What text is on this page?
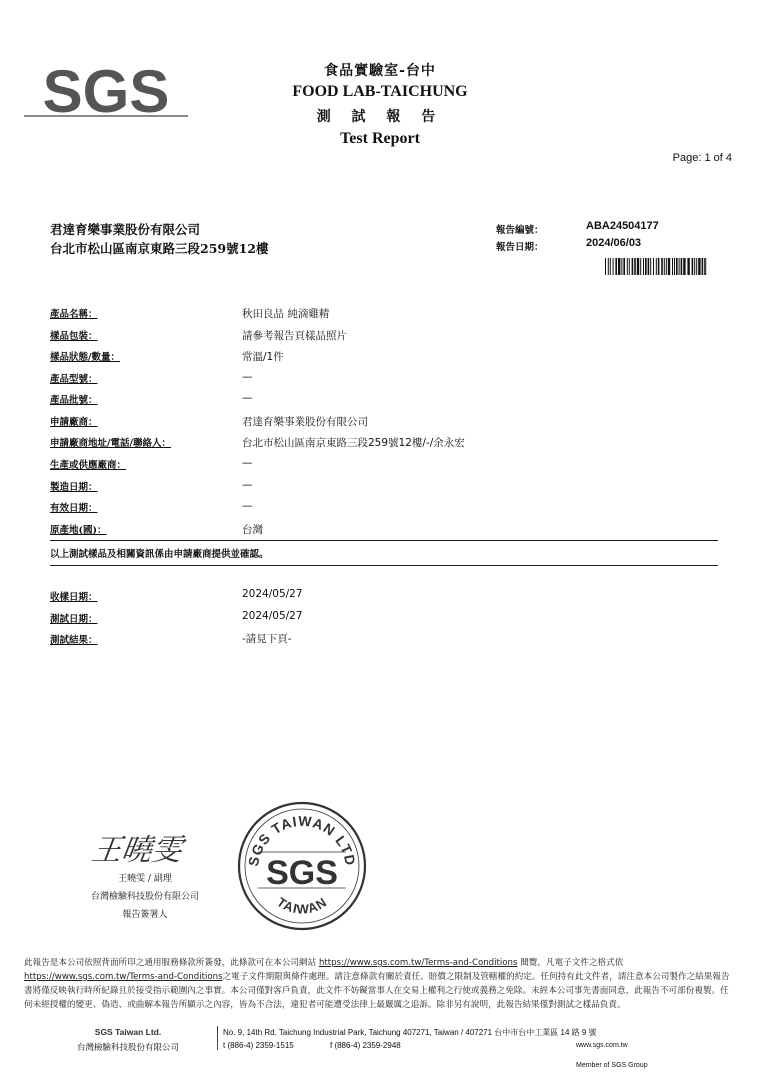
SGS	食品實驗室-台中
FOOD LAB-TAICHUNG
測 試 報 告
Test Report
Page: 1 of 4
君達育樂事業股份有限公司
台北市松山區南京東路三段259號12樓
報告編號：	ABA24504177
報告日期：	2024/06/03
產品名稱：	秋田良品 純滴雞精
樣品包裝：	請參考報告頁樣品照片
樣品狀態/數量：	常溫/1件
產品型號：	—
產品批號：	—
申請廠商：	君達育樂事業股份有限公司
申請廠商地址/電話/聯絡人：	台北市松山區南京東路三段259號12樓/-/余永宏
生產或供應廠商：	—
製造日期：	—
有效日期：	—
原產地(國)：	台灣
以上測試樣品及相關資訊係由申請廠商提供並確認。
收樣日期：	2024/05/27
測試日期：	2024/05/27
測試結果：	-請見下頁-
王曉雯
王曉雯 / 副理
台灣檢驗科技股份有限公司
報告簽署人
SGS TAIWAN LTD
SGS
TAIWAN
此報告是本公司依照背面所印之通用服務條款所簽發，此條款可在本公司網站 https://www.sgs.com.tw/Terms-and-Conditions 閱覽，凡電子文件之格式依 https://www.sgs.com.tw/Terms-and-Conditions之電子文件期限與條件處理。請注意條款有關於責任、賠償之限制及管轄權的約定。任何持有此文件者，請注意本公司製作之結果報告書將僅反映執行時所紀錄且於接受指示範圍內之事實。本公司僅對客戶負責，此文件不妨礙當事人在交易上權利之行使或義務之免除。未經本公司事先書面同意，此報告不可部份複製。任何未經授權的變更、偽造、或曲解本報告所顯示之內容，皆為不合法，違犯者可能遭受法律上最嚴厲之追訴。除非另有說明，此報告結果僅對測試之樣品負責。
SGS Taiwan Ltd.
台灣檢驗科技股份有限公司
No. 9, 14th Rd. Taichung Industrial Park, Taichung 407271, Taiwan / 407271 台中市台中工業區 14 路 9 號
t (886-4) 2359-1515	f (886-4) 2359-2948	www.sgs.com.tw
Member of SGS Group
